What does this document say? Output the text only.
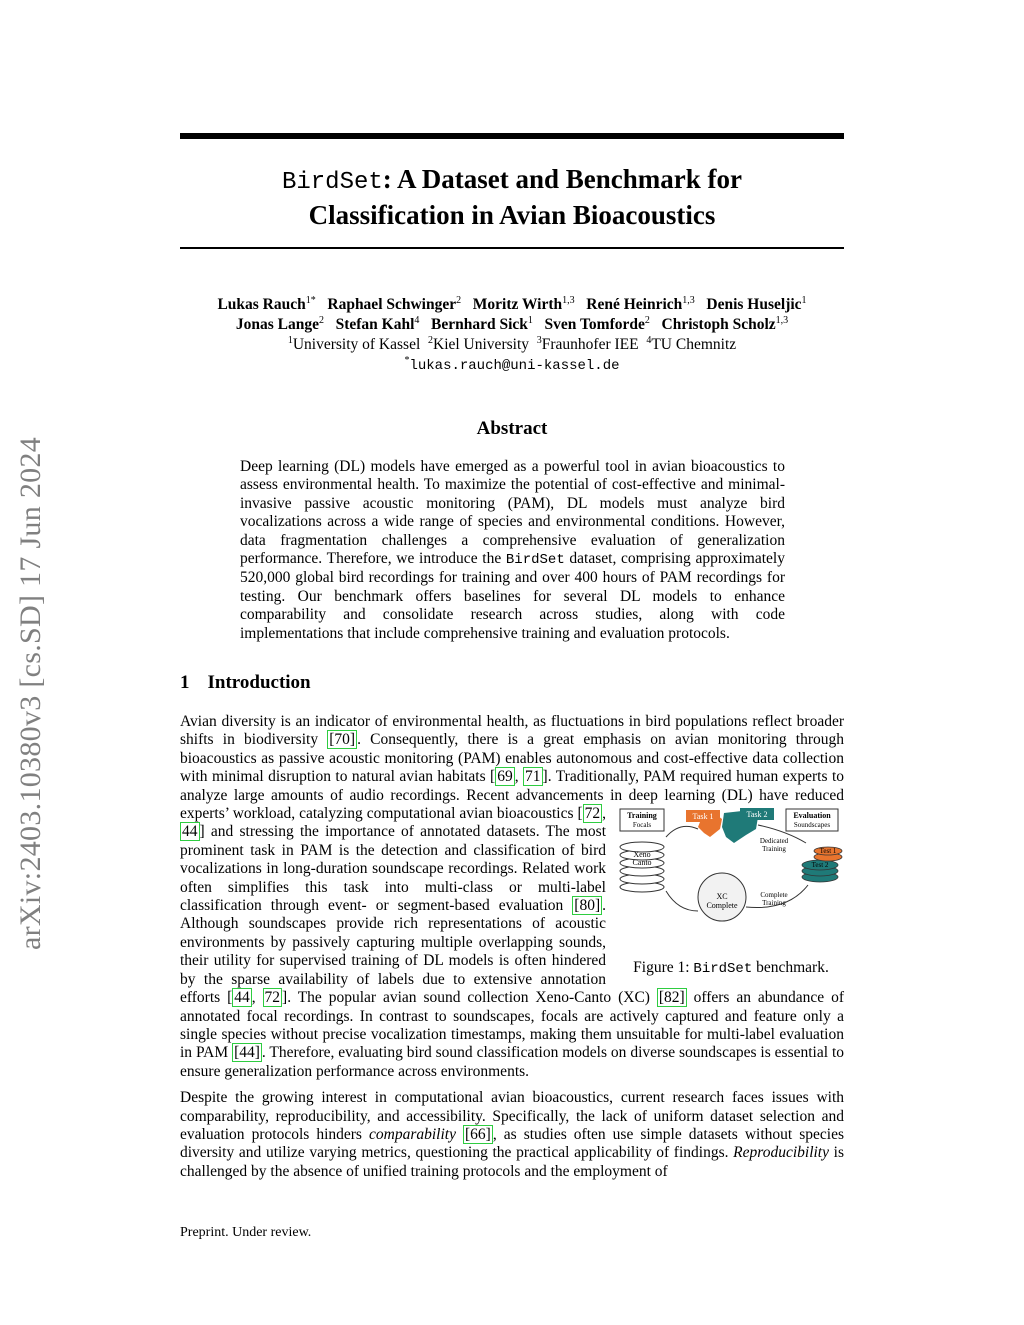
arXiv:2403.10380v3 [cs.SD] 17 Jun 2024
BirdSet: A Dataset and Benchmark for
Classification in Avian Bioacoustics
Lukas Rauch$^{1*}$ Raphael Schwinger$^2$ Moritz Wirth$^{1,3}$ René Heinrich$^{1,3}$ Denis Huseljic$^1$
Jonas Lange$^2$ Stefan Kahl$^4$ Bernhard Sick$^1$ Sven Tomforde$^2$ Christoph Scholz$^{1,3}$
$^1$University of Kassel $^2$Kiel University $^3$Fraunhofer IEE $^4$TU Chemnitz
*lukas.rauch@uni-kassel.de
Abstract
Deep learning (DL) models have emerged as a powerful tool in avian bioacoustics to assess environmental health. To maximize the potential of cost-effective and minimal-invasive passive acoustic monitoring (PAM), DL models must analyze bird vocalizations across a wide range of species and environmental conditions. However, data fragmentation challenges a comprehensive evaluation of generalization performance. Therefore, we introduce the BirdSet dataset, comprising approximately 520,000 global bird recordings for training and over 400 hours of PAM recordings for testing. Our benchmark offers baselines for several DL models to enhance comparability and consolidate research across studies, along with code implementations that include comprehensive training and evaluation protocols.
1 Introduction

Avian diversity is an indicator of environmental health, as fluctuations in bird populations reflect broader shifts in biodiversity [70] . Consequently, there is a great emphasis on avian monitoring through bioacoustics as passive acoustic monitoring (PAM) enables autonomous and cost-effective data collection with minimal disruption to natural avian habitats [ 69 , 71 ]. Traditionally, PAM required human experts to analyze large amounts of audio recordings. Recent advancements in deep learning (DL) have reduced experts’ workload, catalyzing computational avian bioacoustics [	Training
Focals
Evaluation
Soundscapes
Task 1	Task 2
Dedicated
Training
Xeno
Canto
Test 1
Test 2
XC
Complete
Complete
Training
Figure 1: BirdSet benchmark.
72 , 44 ] and stressing the importance of annotated datasets. The most prominent task in PAM is the detection and classification of bird vocalizations in long-duration soundscape recordings. Related work often simplifies this task into multi-class or multi-label classification through event- or segment-based evaluation [80] . Although soundscapes provide rich representations of acoustic environments by passively capturing multiple overlapping sounds, their utility for supervised training of DL models is often hindered by the sparse availability of labels due to extensive annotation efforts [ 44 , 72 ]. The popular avian sound collection Xeno-Canto (XC) [82] offers an abundance of annotated focal recordings. In contrast to soundscapes, focals are actively captured and feature only a single species without precise vocalization timestamps, making them unsuitable for multi-label evaluation in PAM [44] . Therefore, evaluating bird sound classification models on diverse soundscapes is essential to ensure generalization performance across environments.

Despite the growing interest in computational avian bioacoustics, current research faces issues with comparability, reproducibility, and accessibility. Specifically, the lack of uniform dataset selection and evaluation protocols hinders comparability [66] , as studies often use simple datasets without species diversity and utilize varying metrics, questioning the practical applicability of findings. Reproducibility is challenged by the absence of unified training protocols and the employment of

Preprint. Under review.
